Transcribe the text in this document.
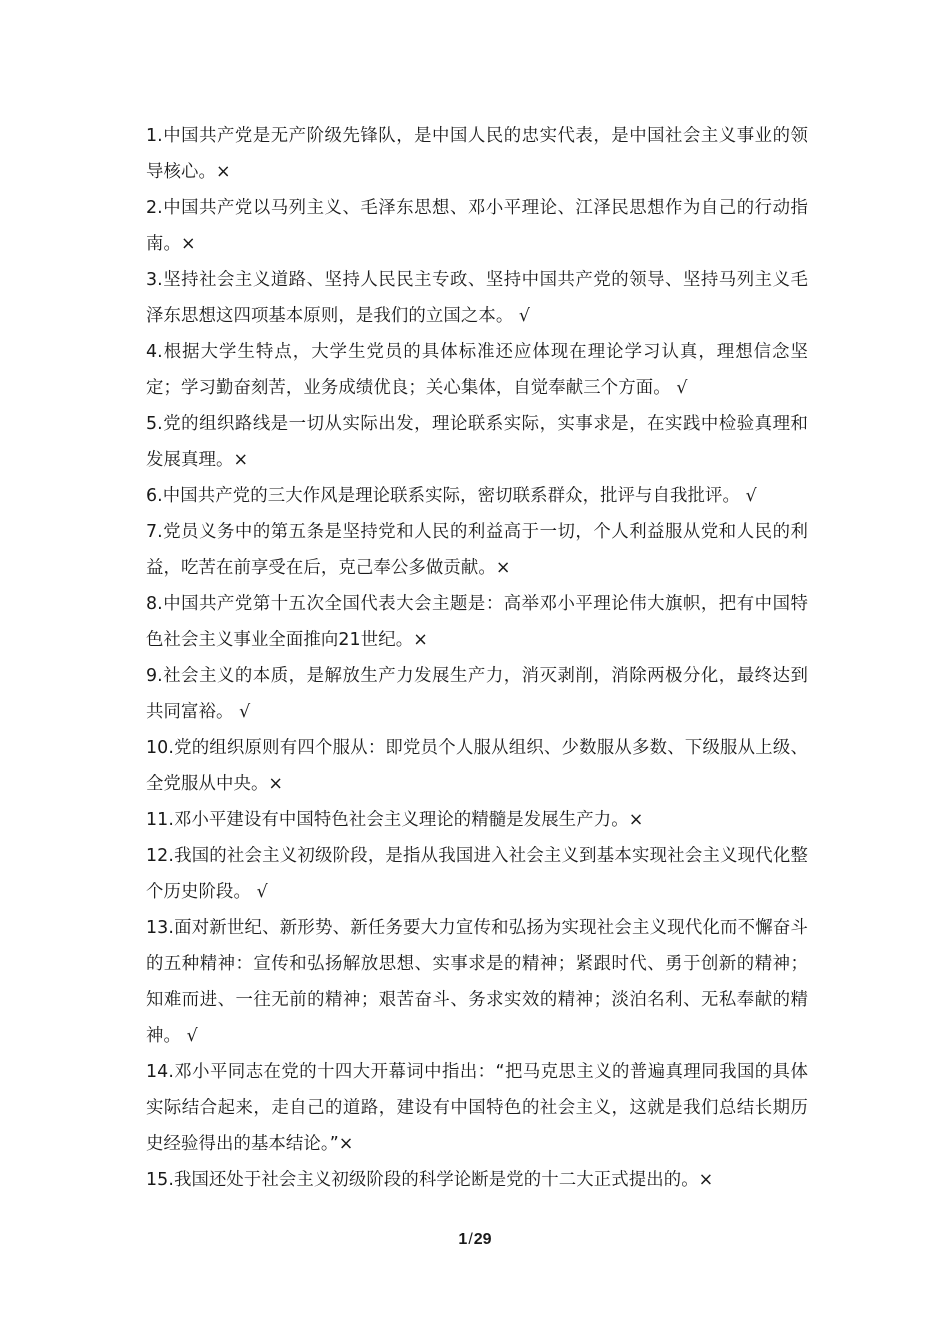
1.中国共产党是无产阶级先锋队，是中国人民的忠实代表，是中国社会主义事业的领导核心。×

2.中国共产党以马列主义、毛泽东思想、邓小平理论、江泽民思想作为自己的行动指南。×

3.坚持社会主义道路、坚持人民民主专政、坚持中国共产党的领导、坚持马列主义毛泽东思想这四项基本原则，是我们的立国之本。 √

4.根据大学生特点，大学生党员的具体标准还应体现在理论学习认真，理想信念坚定；学习勤奋刻苦，业务成绩优良；关心集体，自觉奉献三个方面。 √

5.党的组织路线是一切从实际出发，理论联系实际，实事求是，在实践中检验真理和发展真理。×

6.中国共产党的三大作风是理论联系实际，密切联系群众，批评与自我批评。 √

7.党员义务中的第五条是坚持党和人民的利益高于一切，个人利益服从党和人民的利益，吃苦在前享受在后，克己奉公多做贡献。×

8.中国共产党第十五次全国代表大会主题是：高举邓小平理论伟大旗帜，把有中国特色社会主义事业全面推向21世纪。×

9.社会主义的本质，是解放生产力发展生产力，消灭剥削，消除两极分化，最终达到共同富裕。 √

10.党的组织原则有四个服从：即党员个人服从组织、少数服从多数、下级服从上级、全党服从中央。×

11.邓小平建设有中国特色社会主义理论的精髓是发展生产力。×

12.我国的社会主义初级阶段，是指从我国进入社会主义到基本实现社会主义现代化整个历史阶段。 √

13.面对新世纪、新形势、新任务要大力宣传和弘扬为实现社会主义现代化而不懈奋斗的五种精神：宣传和弘扬解放思想、实事求是的精神；紧跟时代、勇于创新的精神；知难而进、一往无前的精神；艰苦奋斗、务求实效的精神；淡泊名利、无私奉献的精神。 √

14.邓小平同志在党的十四大开幕词中指出：“把马克思主义的普遍真理同我国的具体实际结合起来，走自己的道路，建设有中国特色的社会主义，这就是我们总结长期历史经验得出的基本结论。”×

15.我国还处于社会主义初级阶段的科学论断是党的十二大正式提出的。×

1/29
